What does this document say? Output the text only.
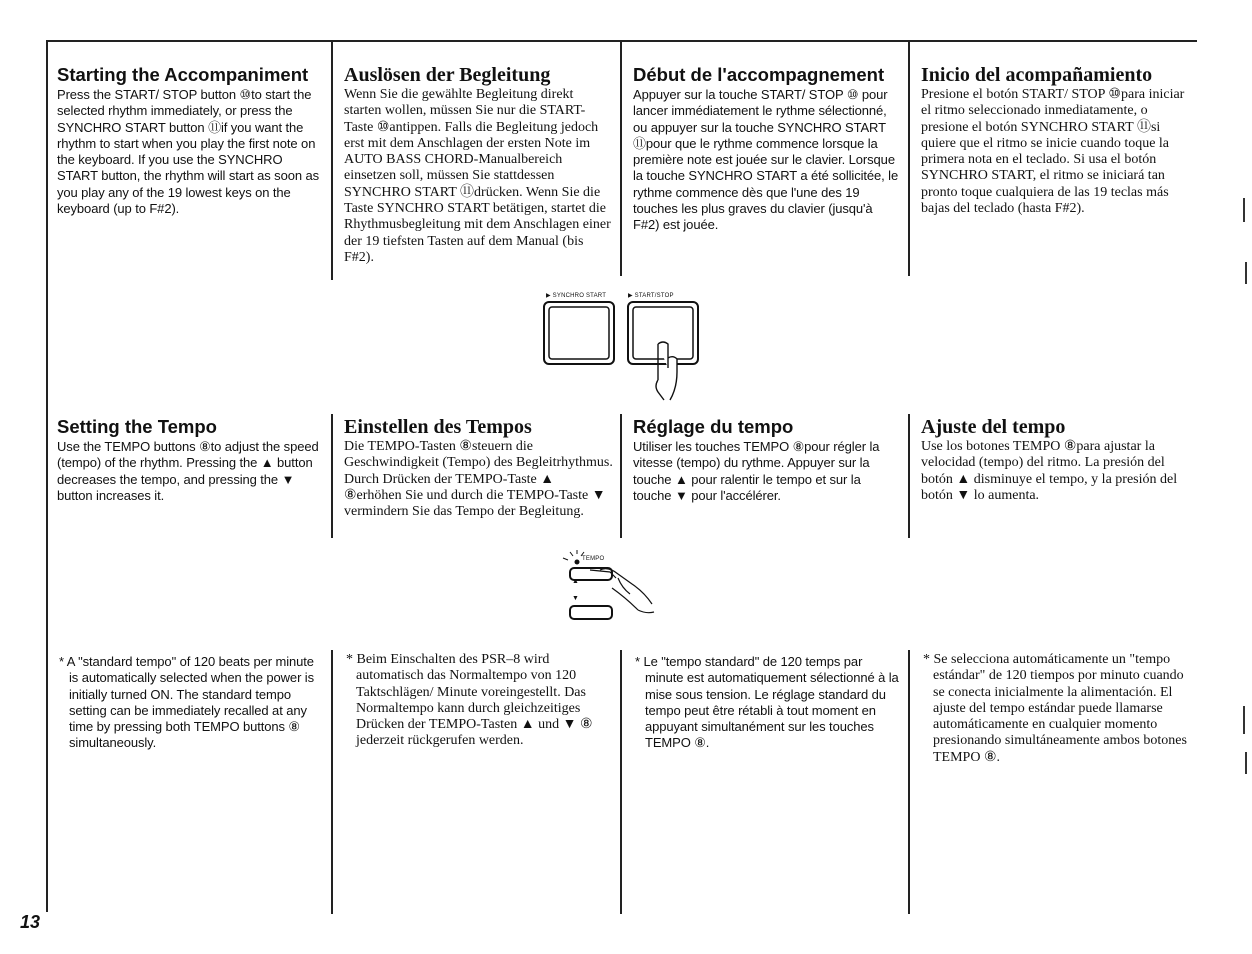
Starting the Accompaniment

Press the START/ STOP button ⑩to start the selected rhythm immediately, or press the SYNCHRO START button ⑪if you want the rhythm to start when you play the first note on the keyboard. If you use the SYNCHRO START button, the rhythm will start as soon as you play any of the 19 lowest keys on the keyboard (up to F#2).

Auslösen der Begleitung

Wenn Sie die gewählte Begleitung direkt starten wollen, müssen Sie nur die START-Taste ⑩antippen. Falls die Begleitung jedoch erst mit dem Anschlagen der ersten Note im AUTO BASS CHORD-Manualbereich einsetzen soll, müssen Sie stattdessen SYNCHRO START ⑪drücken. Wenn Sie die Taste SYNCHRO START betätigen, startet die Rhythmusbegleitung mit dem Anschlagen einer der 19 tiefsten Tasten auf dem Manual (bis F#2).

Début de l'accompagnement

Appuyer sur la touche START/ STOP ⑩ pour lancer immédiatement le rythme sélectionné, ou appuyer sur la touche SYNCHRO START ⑪pour que le rythme commence lorsque la première note est jouée sur le clavier. Lorsque la touche SYNCHRO START a été sollicitée, le rythme commence dès que l'une des 19 touches les plus graves du clavier (jusqu'à F#2) est jouée.

Inicio del acompañamiento

Presione el botón START/ STOP ⑩para iniciar el ritmo seleccionado inmediatamente, o presione el botón SYNCHRO START ⑪si quiere que el ritmo se inicie cuando toque la primera nota en el teclado. Si usa el botón SYNCHRO START, el ritmo se iniciará tan pronto toque cualquiera de las 19 teclas más bajas del teclado (hasta F#2).

▶ SYNCHRO START	▶ START/STOP
Setting the Tempo

Use the TEMPO buttons ⑧to adjust the speed (tempo) of the rhythm. Pressing the ▲ button decreases the tempo, and pressing the ▼ button increases it.

Einstellen des Tempos

Die TEMPO-Tasten ⑧steuern die Geschwindigkeit (Tempo) des Begleitrhythmus. Durch Drücken der TEMPO-Taste ▲ ⑧erhöhen Sie und durch die TEMPO-Taste ▼ vermindern Sie das Tempo der Begleitung.

Réglage du tempo

Utiliser les touches TEMPO ⑧pour régler la vitesse (tempo) du rythme. Appuyer sur la touche ▲ pour ralentir le tempo et sur la touche ▼ pour l'accélérer.

Ajuste del tempo

Use los botones TEMPO ⑧para ajustar la velocidad (tempo) del ritmo. La presión del botón ▲ disminuye el tempo, y la presión del botón ▼ lo aumenta.

TEMPO
▲
▼

* A "standard tempo" of 120 beats per minute is automatically selected when the power is initially turned ON. The standard tempo setting can be immediately recalled at any time by pressing both TEMPO buttons ⑧ simultaneously.

* Beim Einschalten des PSR–8 wird automatisch das Normaltempo von 120 Taktschlägen/ Minute voreingestellt. Das Normaltempo kann durch gleichzeitiges Drücken der TEMPO-Tasten ▲ und ▼ ⑧ jederzeit rückgerufen werden.

* Le "tempo standard" de 120 temps par minute est automatiquement sélectionné à la mise sous tension. Le réglage standard du tempo peut être rétabli à tout moment en appuyant simultanément sur les touches TEMPO ⑧.

* Se selecciona automáticamente un "tempo estándar" de 120 tiempos por minuto cuando se conecta inicialmente la alimentación. El ajuste del tempo estándar puede llamarse automáticamente en cualquier momento presionando simultáneamente ambos botones TEMPO ⑧.

13
